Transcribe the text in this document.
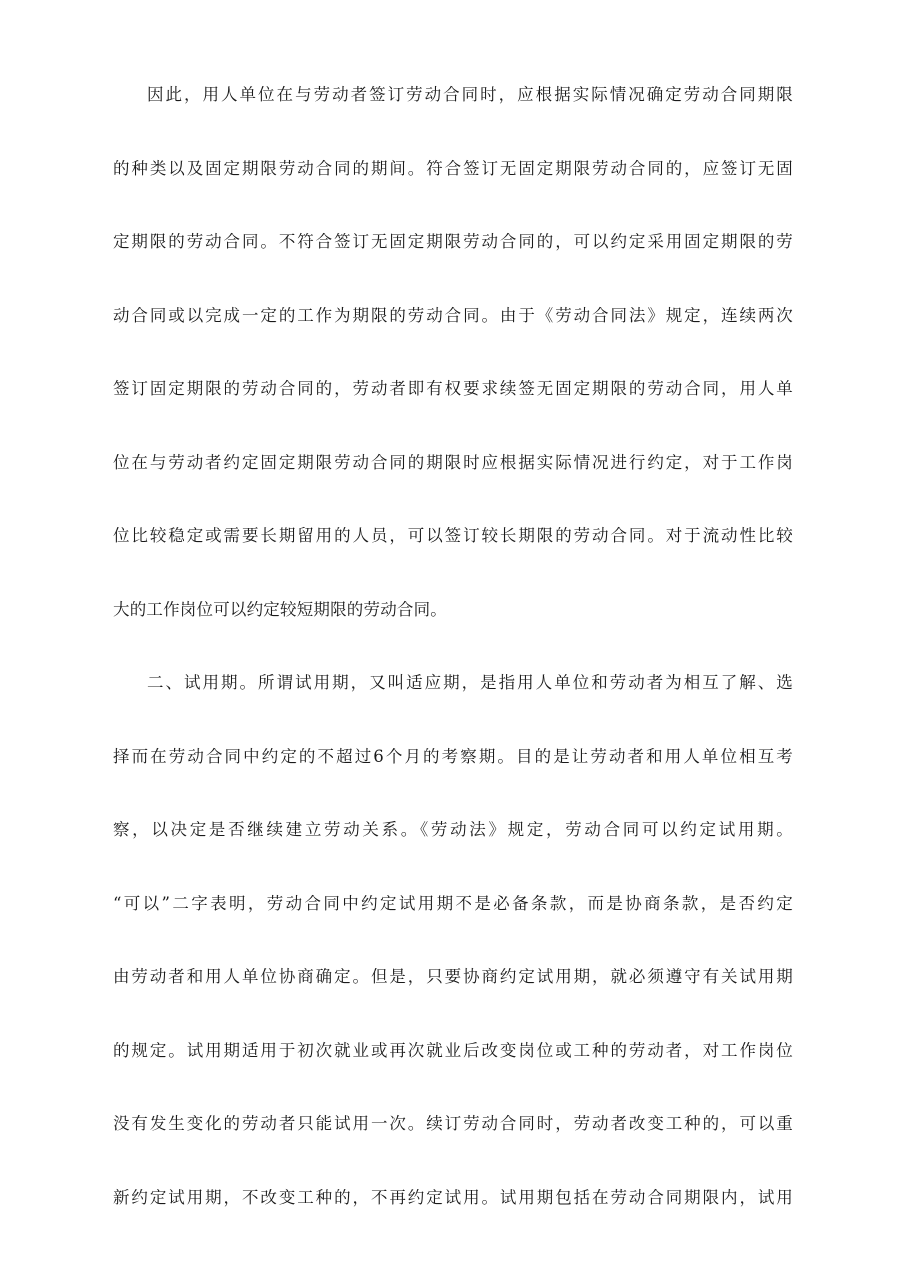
因此，用人单位在与劳动者签订劳动合同时，应根据实际情况确定劳动合同期限
的种类以及固定期限劳动合同的期间。符合签订无固定期限劳动合同的，应签订无固
定期限的劳动合同。不符合签订无固定期限劳动合同的，可以约定采用固定期限的劳
动合同或以完成一定的工作为期限的劳动合同。由于《劳动合同法》规定，连续两次
签订固定期限的劳动合同的，劳动者即有权要求续签无固定期限的劳动合同，用人单
位在与劳动者约定固定期限劳动合同的期限时应根据实际情况进行约定，对于工作岗
位比较稳定或需要长期留用的人员，可以签订较长期限的劳动合同。对于流动性比较
大的工作岗位可以约定较短期限的劳动合同。
二、试用期。所谓试用期，又叫适应期，是指用人单位和劳动者为相互了解、选
择而在劳动合同中约定的不超过6个月的考察期。目的是让劳动者和用人单位相互考
察，以决定是否继续建立劳动关系。《劳动法》规定，劳动合同可以约定试用期。
“可以”二字表明，劳动合同中约定试用期不是必备条款，而是协商条款，是否约定
由劳动者和用人单位协商确定。但是，只要协商约定试用期，就必须遵守有关试用期
的规定。试用期适用于初次就业或再次就业后改变岗位或工种的劳动者，对工作岗位
没有发生变化的劳动者只能试用一次。续订劳动合同时，劳动者改变工种的，可以重
新约定试用期，不改变工种的，不再约定试用。试用期包括在劳动合同期限内，试用
